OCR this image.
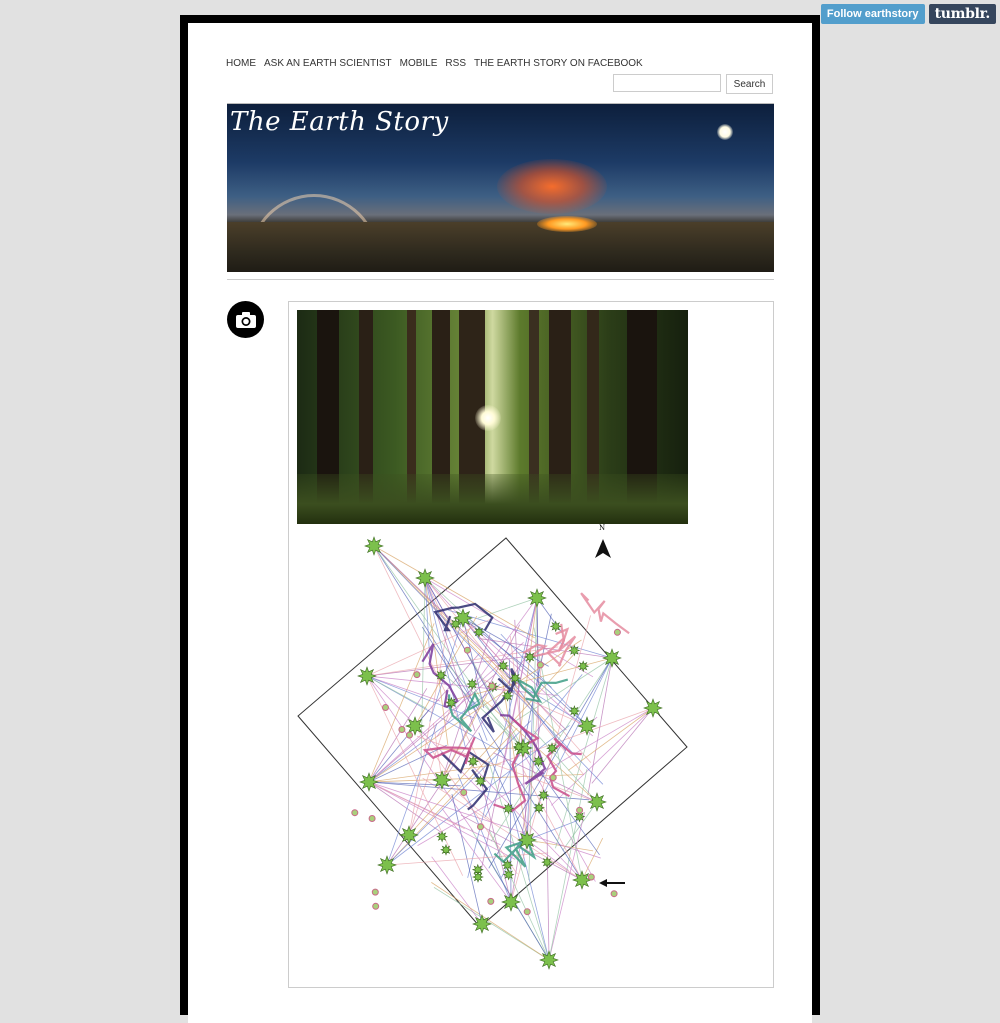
Follow earthstory	tumblr.
HOME ASK AN EARTH SCIENTIST MOBILE RSS THE EARTH STORY ON FACEBOOK
Search
The Earth Story
N
